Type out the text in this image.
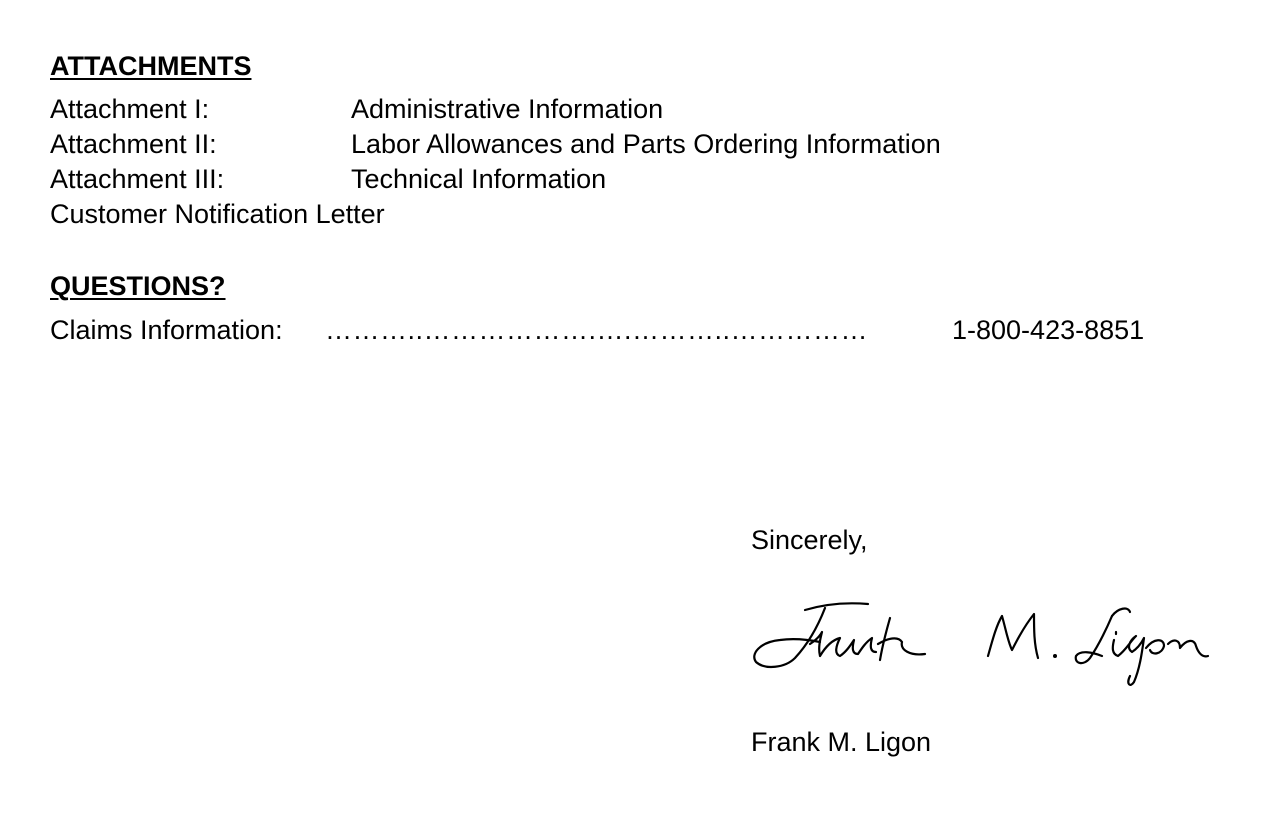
ATTACHMENTS
Attachment I:	Administrative Information
Attachment II:	Labor Allowances and Parts Ordering Information
Attachment III:	Technical Information
Customer Notification Letter
QUESTIONS?
Claims Information: ………..……………….….………..……………	1-800-423-8851
Sincerely,
Frank M. Ligon
